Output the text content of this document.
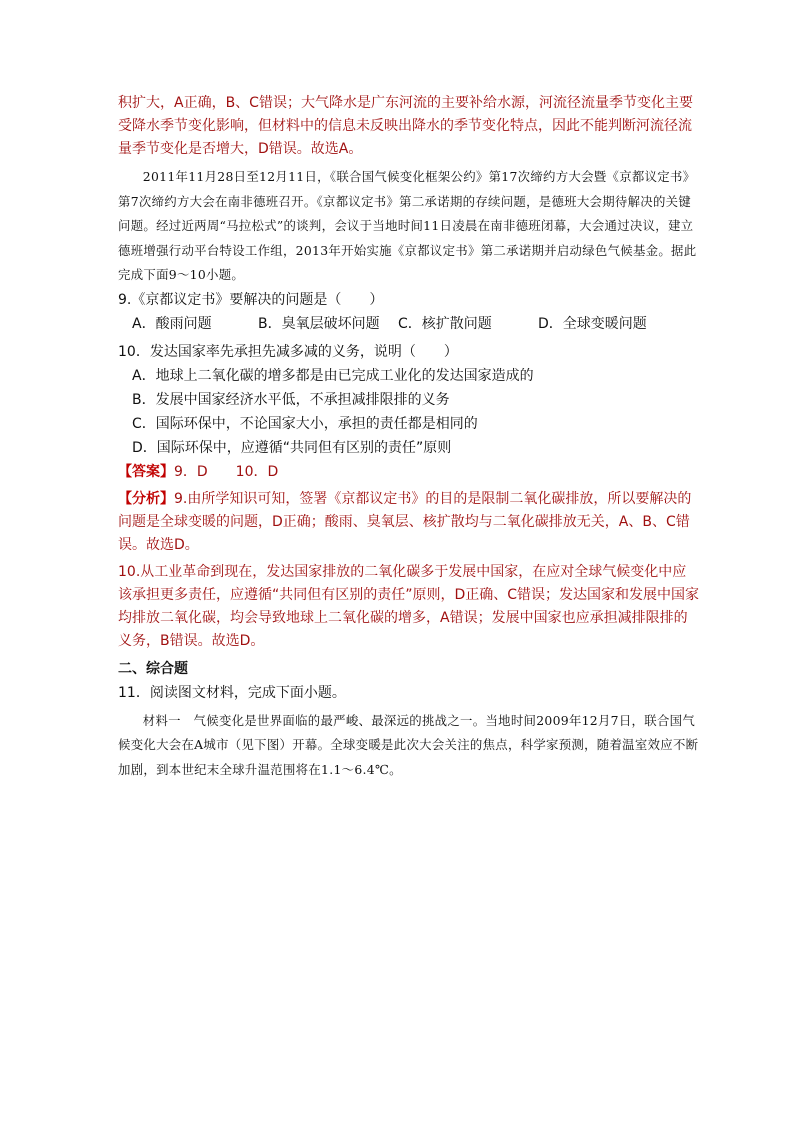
积扩大，A正确，B、C错误；大气降水是广东河流的主要补给水源，河流径流量季节变化主要受降水季节变化影响，但材料中的信息未反映出降水的季节变化特点，因此不能判断河流径流量季节变化是否增大，D错误。故选A。

2011年11月28日至12月11日，《联合国气候变化框架公约》第17次缔约方大会暨《京都议定书》第7次缔约方大会在南非德班召开。《京都议定书》第二承诺期的存续问题，是德班大会期待解决的关键问题。经过近两周“马拉松式”的谈判，会议于当地时间11日凌晨在南非德班闭幕，大会通过决议，建立德班增强行动平台特设工作组，2013年开始实施《京都议定书》第二承诺期并启动绿色气候基金。据此完成下面9～10小题。

9.《京都议定书》要解决的问题是（　　）

A．酸雨问题	B．臭氧层破坏问题	C．核扩散问题	D．全球变暖问题

10．发达国家率先承担先减多减的义务，说明（　　）

A．地球上二氧化碳的增多都是由已完成工业化的发达国家造成的

B．发展中国家经济水平低，不承担减排限排的义务

C．国际环保中，不论国家大小，承担的责任都是相同的

D．国际环保中，应遵循“共同但有区别的责任”原则

【答案】9．D　　10．D

【分析】9.由所学知识可知，签署《京都议定书》的目的是限制二氧化碳排放，所以要解决的问题是全球变暖的问题，D正确；酸雨、臭氧层、核扩散均与二氧化碳排放无关，A、B、C错误。故选D。

10.从工业革命到现在，发达国家排放的二氧化碳多于发展中国家，在应对全球气候变化中应该承担更多责任，应遵循“共同但有区别的责任”原则，D正确、C错误；发达国家和发展中国家均排放二氧化碳，均会导致地球上二氧化碳的增多，A错误；发展中国家也应承担减排限排的义务，B错误。故选D。

二、综合题

11．阅读图文材料，完成下面小题。

材料一　气候变化是世界面临的最严峻、最深远的挑战之一。当地时间2009年12月7日，联合国气候变化大会在A城市（见下图）开幕。全球变暖是此次大会关注的焦点，科学家预测，随着温室效应不断加剧，到本世纪末全球升温范围将在1.1～6.4℃。
